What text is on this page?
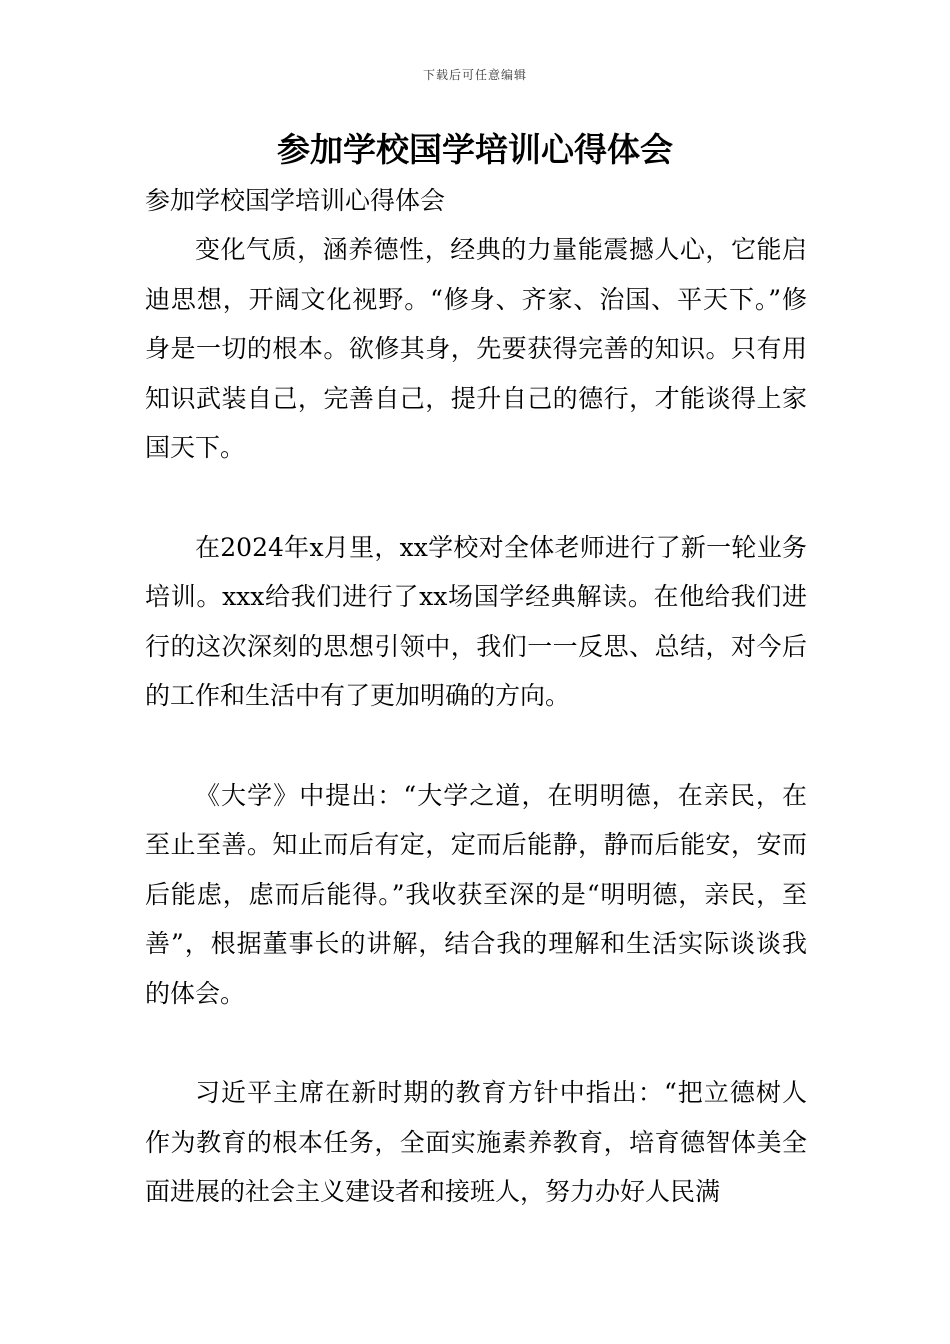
下载后可任意编辑
参加学校国学培训心得体会

参加学校国学培训心得体会

变化气质，涵养德性，经典的力量能震撼人心，它能启迪思想，开阔文化视野。“修身、齐家、治国、平天下。”修身是一切的根本。欲修其身，先要获得完善的知识。只有用知识武装自己，完善自己，提升自己的德行，才能谈得上家国天下。

在2024年x月里，xx学校对全体老师进行了新一轮业务培训。xxx给我们进行了xx场国学经典解读。在他给我们进行的这次深刻的思想引领中，我们一一反思、总结，对今后的工作和生活中有了更加明确的方向。

《大学》中提出：“大学之道，在明明德，在亲民，在至止至善。知止而后有定，定而后能静，静而后能安，安而后能虑，虑而后能得。”我收获至深的是“明明德，亲民，至善”，根据董事长的讲解，结合我的理解和生活实际谈谈我的体会。

习近平主席在新时期的教育方针中指出：“把立德树人作为教育的根本任务，全面实施素养教育，培育德智体美全面进展的社会主义建设者和接班人，努力办好人民满
